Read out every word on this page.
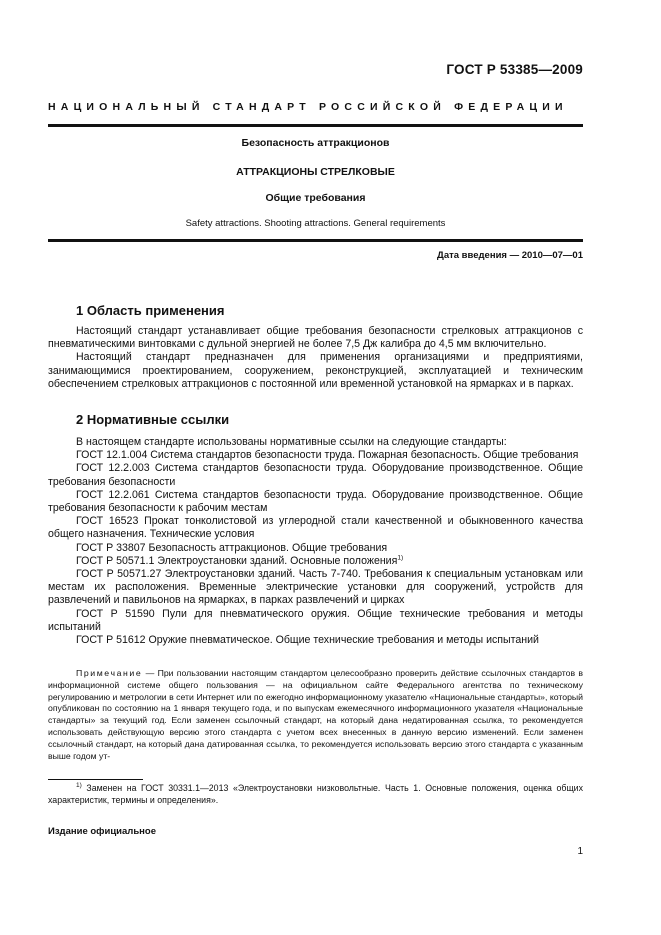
ГОСТ Р 53385—2009
НАЦИОНАЛЬНЫЙ СТАНДАРТ РОССИЙСКОЙ ФЕДЕРАЦИИ
Безопасность аттракционов
АТТРАКЦИОНЫ СТРЕЛКОВЫЕ
Общие требования
Safety attractions. Shooting attractions. General requirements
Дата введения — 2010—07—01
1 Область применения

Настоящий стандарт устанавливает общие требования безопасности стрелковых аттракционов с пневматическими винтовками с дульной энергией не более 7,5 Дж калибра до 4,5 мм включительно.

Настоящий стандарт предназначен для применения организациями и предприятиями, занимающимися проектированием, сооружением, реконструкцией, эксплуатацией и техническим обеспечением стрелковых аттракционов с постоянной или временной установкой на ярмарках и в парках.

2 Нормативные ссылки

В настоящем стандарте использованы нормативные ссылки на следующие стандарты:

ГОСТ 12.1.004 Система стандартов безопасности труда. Пожарная безопасность. Общие требования

ГОСТ 12.2.003 Система стандартов безопасности труда. Оборудование производственное. Общие требования безопасности

ГОСТ 12.2.061 Система стандартов безопасности труда. Оборудование производственное. Общие требования безопасности к рабочим местам

ГОСТ 16523 Прокат тонколистовой из углеродной стали качественной и обыкновенного качества общего назначения. Технические условия

ГОСТ Р 33807 Безопасность аттракционов. Общие требования

ГОСТ Р 50571.1 Электроустановки зданий. Основные положения$^{1)}$

ГОСТ Р 50571.27 Электроустановки зданий. Часть 7-740. Требования к специальным установкам или местам их расположения. Временные электрические установки для сооружений, устройств для развлечений и павильонов на ярмарках, в парках развлечений и цирках

ГОСТ Р 51590 Пули для пневматического оружия. Общие технические требования и методы испытаний

ГОСТ Р 51612 Оружие пневматическое. Общие технические требования и методы испытаний

Примечание — При пользовании настоящим стандартом целесообразно проверить действие ссылочных стандартов в информационной системе общего пользования — на официальном сайте Федерального агентства по техническому регулированию и метрологии в сети Интернет или по ежегодно информационному указателю «Национальные стандарты», который опубликован по состоянию на 1 января текущего года, и по выпускам ежемесячного информационного указателя «Национальные стандарты» за текущий год. Если заменен ссылочный стандарт, на который дана недатированная ссылка, то рекомендуется использовать действующую версию этого стандарта с учетом всех внесенных в данную версию изменений. Если заменен ссылочный стандарт, на который дана датированная ссылка, то рекомендуется использовать версию этого стандарта с указанным выше годом ут-

$^{1)}$ Заменен на ГОСТ 30331.1—2013 «Электроустановки низковольтные. Часть 1. Основные положения, оценка общих характеристик, термины и определения».

Издание официальное
1
